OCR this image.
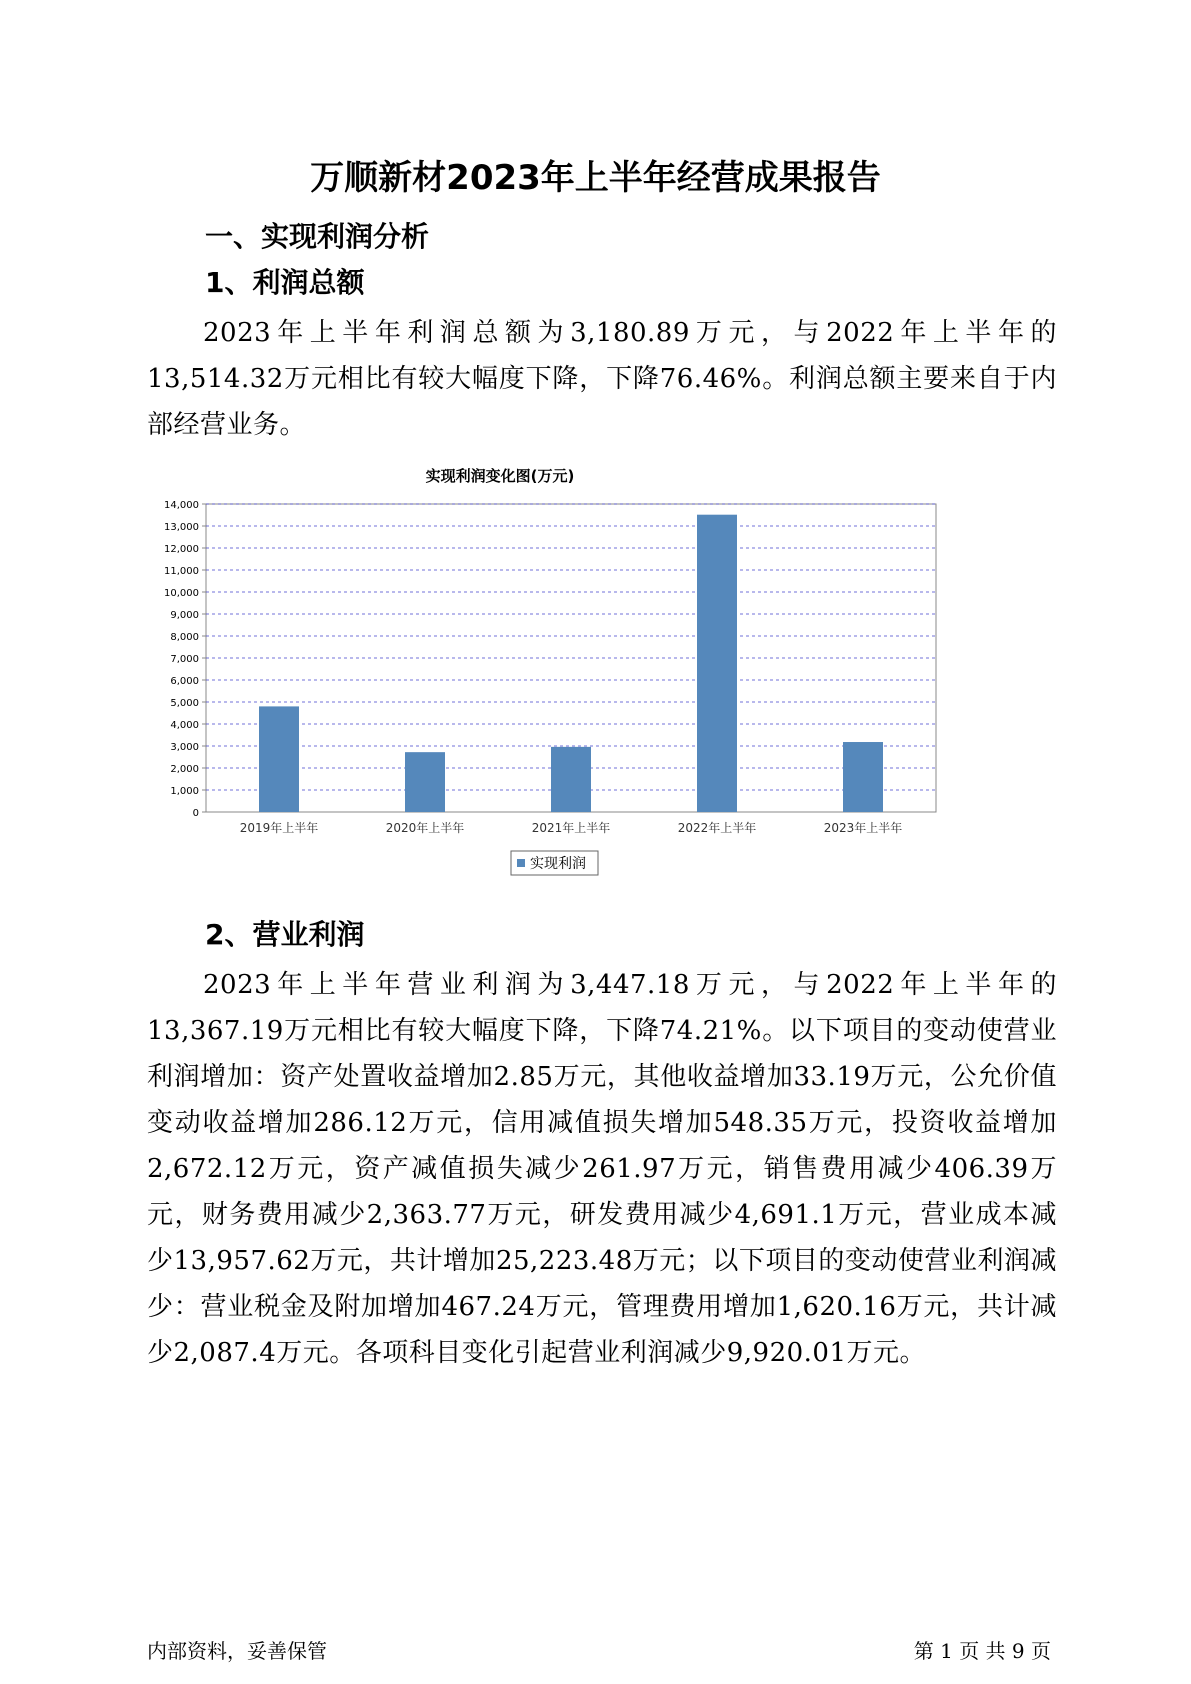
万顺新材2023年上半年经营成果报告
一、实现利润分析
1、利润总额

2023年上半年利润总额为3,180.89万元，与2022年上半年的13,514.32万元相比有较大幅度下降，下降76.46%。利润总额主要来自于内部经营业务。

实现利润变化图(万元)
0
1,000
2,000
3,000
4,000
5,000
6,000
7,000
8,000
9,000
10,000
11,000
12,000
13,000
14,000
2019年上半年	2020年上半年	2021年上半年	2022年上半年	2023年上半年
实现利润
2、营业利润

2023年上半年营业利润为3,447.18万元，与2022年上半年的13,367.19万元相比有较大幅度下降，下降74.21%。以下项目的变动使营业利润增加：资产处置收益增加2.85万元，其他收益增加33.19万元，公允价值变动收益增加286.12万元，信用减值损失增加548.35万元，投资收益增加2,672.12万元，资产减值损失减少261.97万元，销售费用减少406.39万元，财务费用减少2,363.77万元，研发费用减少4,691.1万元，营业成本减少13,957.62万元，共计增加25,223.48万元；以下项目的变动使营业利润减少：营业税金及附加增加467.24万元，管理费用增加1,620.16万元，共计减少2,087.4万元。各项科目变化引起营业利润减少9,920.01万元。

内部资料，妥善保管	第 1 页 共 9 页
